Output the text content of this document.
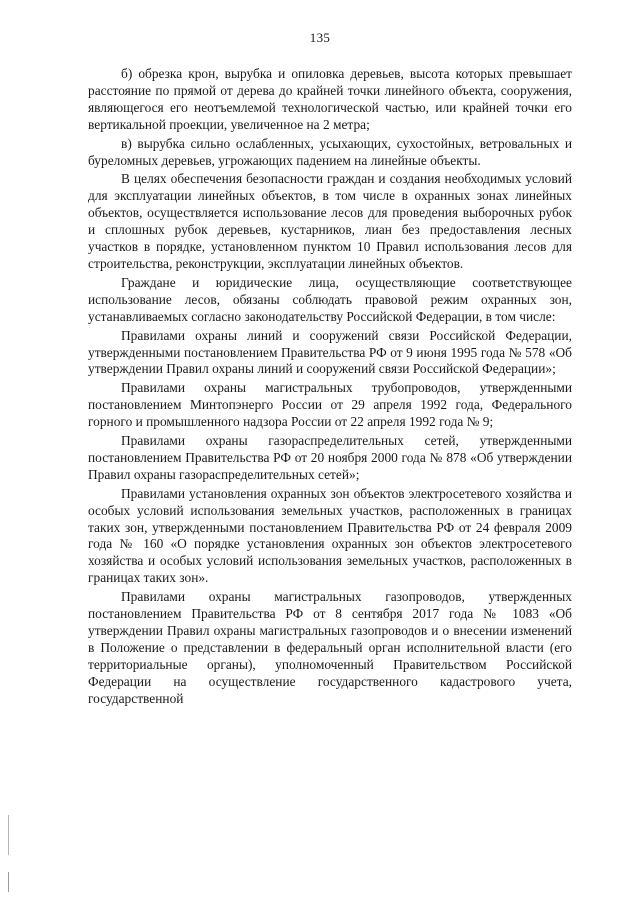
135

б) обрезка крон, вырубка и опиловка деревьев, высота которых превышает расстояние по прямой от дерева до крайней точки линейного объекта, сооружения, являющегося его неотъемлемой технологической частью, или крайней точки его вертикальной проекции, увеличенное на 2 метра;

в) вырубка сильно ослабленных, усыхающих, сухостойных, ветровальных и буреломных деревьев, угрожающих падением на линейные объекты.

В целях обеспечения безопасности граждан и создания необходимых условий для эксплуатации линейных объектов, в том числе в охранных зонах линейных объектов, осуществляется использование лесов для проведения выборочных рубок и сплошных рубок деревьев, кустарников, лиан без предоставления лесных участков в порядке, установленном пунктом 10 Правил использования лесов для строительства, реконструкции, эксплуатации линейных объектов.

Граждане и юридические лица, осуществляющие соответствующее использование лесов, обязаны соблюдать правовой режим охранных зон, устанавливаемых согласно законодательству Российской Федерации, в том числе:

Правилами охраны линий и сооружений связи Российской Федерации, утвержденными постановлением Правительства РФ от 9 июня 1995 года № 578 «Об утверждении Правил охраны линий и сооружений связи Российской Федерации»;

Правилами охраны магистральных трубопроводов, утвержденными постановлением Минтопэнерго России от 29 апреля 1992 года, Федерального горного и промышленного надзора России от 22 апреля 1992 года № 9;

Правилами охраны газораспределительных сетей, утвержденными постановлением Правительства РФ от 20 ноября 2000 года № 878 «Об утверждении Правил охраны газораспределительных сетей»;

Правилами установления охранных зон объектов электросетевого хозяйства и особых условий использования земельных участков, расположенных в границах таких зон, утвержденными постановлением Правительства РФ от 24 февраля 2009 года № 160 «О порядке установления охранных зон объектов электросетевого хозяйства и особых условий использования земельных участков, расположенных в границах таких зон».

Правилами охраны магистральных газопроводов, утвержденных постановлением Правительства РФ от 8 сентября 2017 года № 1083 «Об утверждении Правил охраны магистральных газопроводов и о внесении изменений в Положение о представлении в федеральный орган исполнительной власти (его территориальные органы), уполномоченный Правительством Российской Федерации на осуществление государственного кадастрового учета, государственной
